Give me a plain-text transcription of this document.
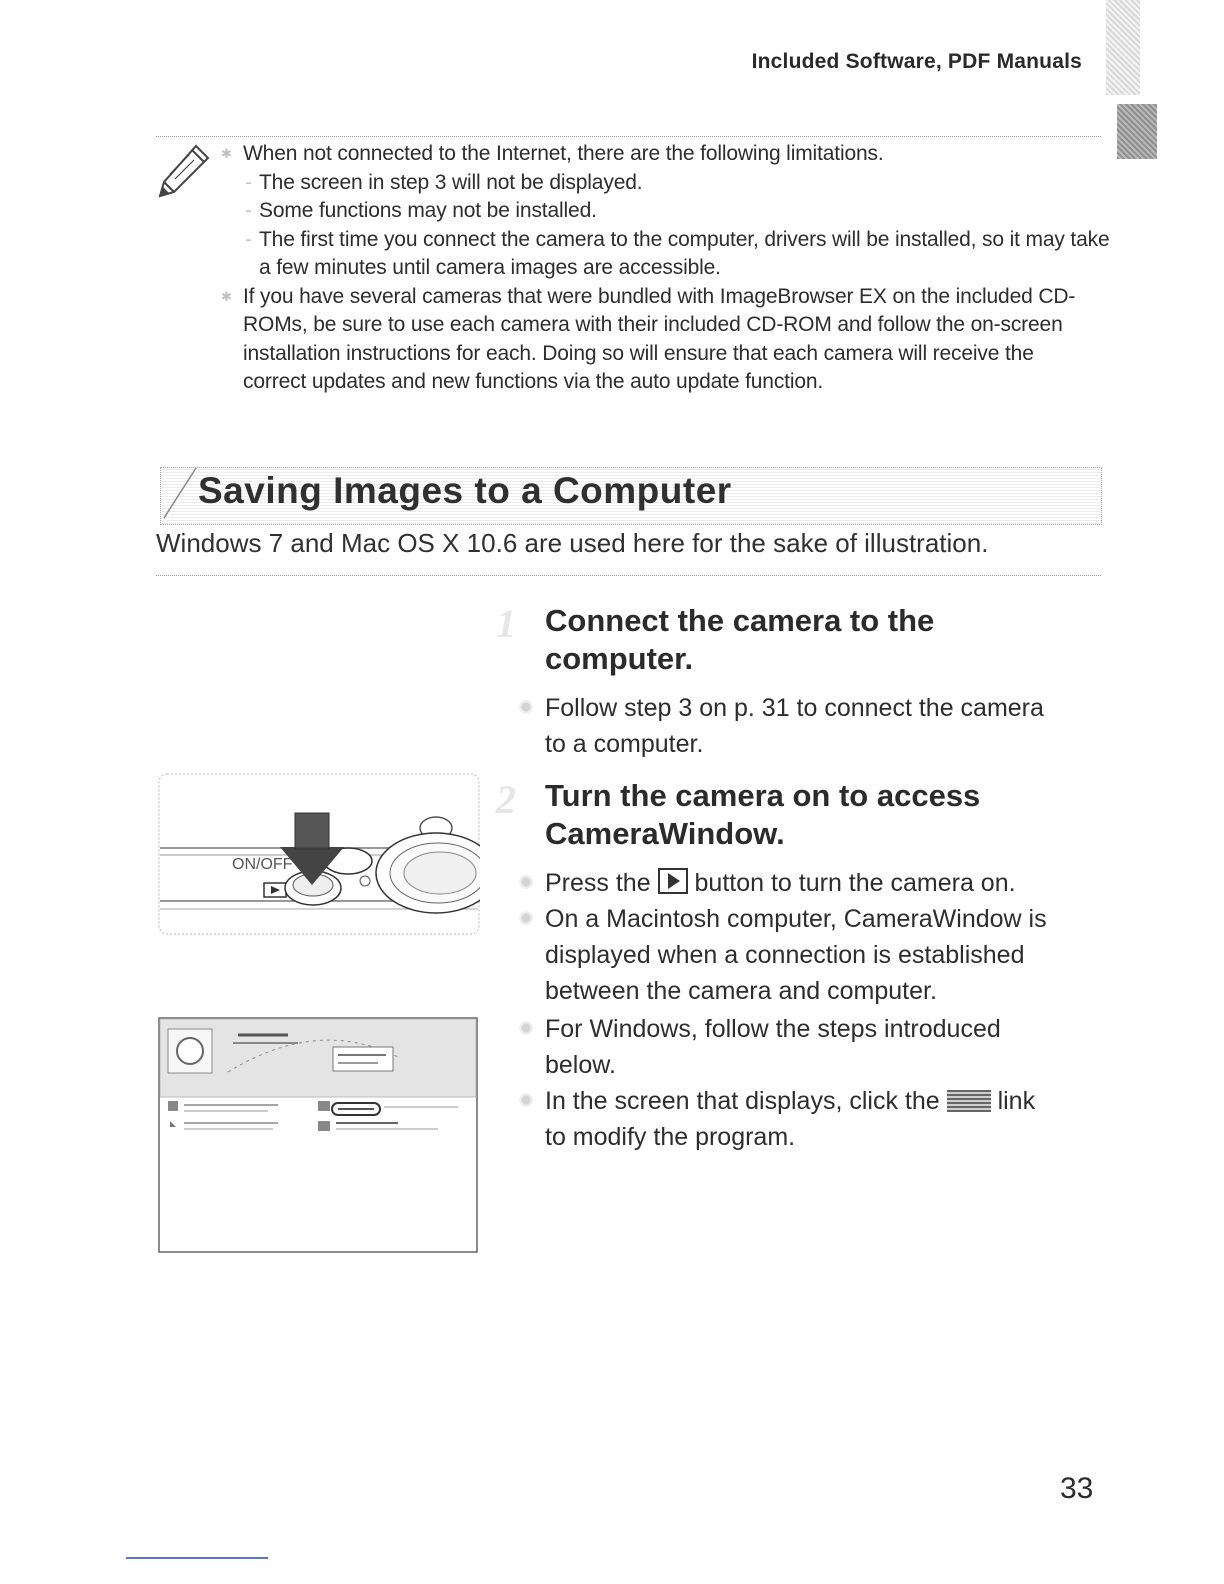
Included Software, PDF Manuals
✱ When not connected to the Internet, there are the following limitations.
- The screen in step 3 will not be displayed.
- Some functions may not be installed.
- The first time you connect the camera to the computer, drivers will be installed, so it may take a few minutes until camera images are accessible.
✱ If you have several cameras that were bundled with ImageBrowser EX on the included CD-ROMs, be sure to use each camera with their included CD-ROM and follow the on-screen installation instructions for each. Doing so will ensure that each camera will receive the correct updates and new functions via the auto update function.
Saving Images to a Computer
Windows 7 and Mac OS X 10.6 are used here for the sake of illustration.
1 Connect the camera to the
computer.
Follow step 3 on p. 31 to connect the camera
to a computer.
2 Turn the camera on to access
CameraWindow.
Press the button to turn the camera on.
On a Macintosh computer, CameraWindow is
displayed when a connection is established
between the camera and computer.
For Windows, follow the steps introduced
below.
In the screen that displays, click the link
to modify the program.
ON/OFF
33
